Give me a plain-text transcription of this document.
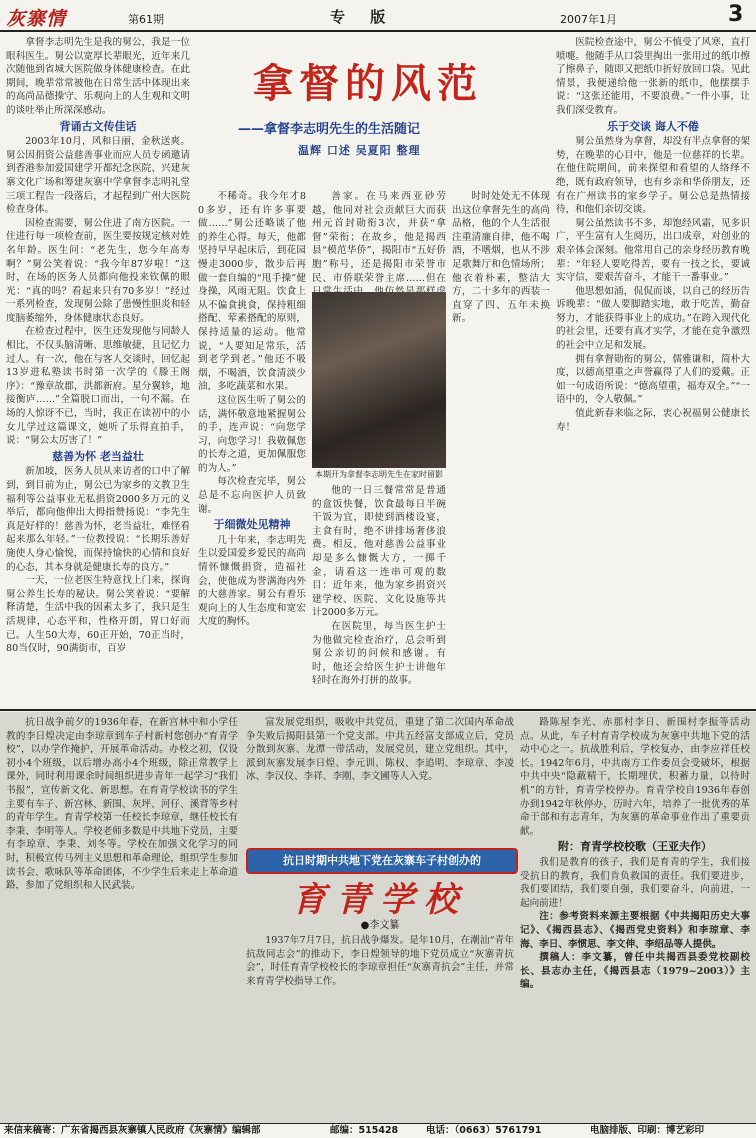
灰寨情	第61期	专 版	2007年1月	3
拿督的风范
——拿督李志明先生的生活随记
温辉 口述 吴夏阳 整理

拿督李志明先生是我的舅公，我是一位眼科医生。舅公以宽厚长辈眼光，近年来几次随他到省城大医院做身体健康检查。在此期间，晚辈常常被他在日常生活中体现出来的高尚品德操守、乐观向上的人生观和文明的谈吐举止所深深感动。

背诵古文传佳话

2003年10月，风和日丽，金秋送爽。舅公因捐资公益慈善事业而应人员专函邀请到香港参加爱国建学开都纪念医院、兴建灰寨文化广场和筹建灰寨中学拿督李志明礼堂三项工程告一段落后，才起程到广州大医院检查身体。

因检查需要，舅公住进了南方医院。一住进行每一项检查前，医生要按规定核对姓名年龄。医生问：“老先生，您今年高寿啊？”舅公笑着说：“我今年87岁啦！”这时，在场的医务人员都向他投来钦佩的眼光：“真的吗？看起来只有70多岁！”经过一系列检查，发现舅公除了患慢性胆炎和轻度脑萎缩外，身体健康状态良好。

在检查过程中，医生还发现他与同龄人相比，不仅头脑清晰、思维敏捷，且记忆力过人。有一次，他在与客人交谈时，回忆起13岁进私塾读书时第一次学的《滕王阁序》：“豫章故郡，洪都新府。星分翼轸，地接衡庐……”全篇脱口而出，一句不漏。在场的人惊讶不已，当时，我正在读初中的小女儿学过这篇课文，她听了乐得直拍手，说：“舅公太厉害了！”

慈善为怀 老当益壮

新加坡，医务人员从来访者的口中了解到，到目前为止，舅公已为家乡的文教卫生福利等公益事业无私捐资2000多万元的义举后，都向他伸出大拇指赞扬说：“李先生真是好样的！慈善为怀，老当益壮，难怪看起来那么年轻。”一位教授说：“长期乐善好施使人身心愉悦，而保持愉快的心情和良好的心态，其本身就是健康长寿的良方。”

一天，一位老医生特意找上门来，探询舅公养生长寿的秘诀。舅公笑着说：“要解释清楚，生活中我的因素太多了，我只是生活规律，心态平和，性格开朗，胃口好而已。人生50大寿，60正开始，70正当时，80当仅时，90满街市，百岁

不稀奇。我今年才80多岁，还有许多事要做……”舅公还略谈了他的养生心得。每天，他都坚持早早起床后，到花园慢走3000步，散步后再做一套自编的“甩手操”健身操，风雨无阻。饮食上从不偏食挑食，保持粗细搭配、荤素搭配的原则，保持适量的运动。他常说，“人要知足常乐，活到老学到老。”他还不吸烟，不喝酒，饮食清淡少油，多吃蔬菜和水果。

这位医生听了舅公的话，满怀敬意地紧握舅公的手，连声说：“向您学习，向您学习！我敬佩您的长寿之道，更加佩服您的为人。”

每次检查完毕，舅公总是不忘向医护人员致谢。

于细微处见精神

几十年来，李志明先生以爱国爱乡爱民的高尚情怀慷慨捐资，造福社会，使他成为誉满海内外的大慈善家。舅公有着乐观向上的人生态度和宽宏大度的胸怀。

善家。在马来西亚砂劳越，他同对社会贡献巨大而获州元首封勋衔3次，并获“拿督”荣衔；在故乡，他是揭西县“模范华侨”，揭阳市“五好侨胞”称号，还是揭阳市荣誉市民、市侨联荣誉主席……但在

本期开为拿督李志明先生在家时留影

他的一日三餐常常是普通的盒饭快餐，饮食最每日半碗干饭为宜，即使到酒楼设宴，主食有时，绝不讲排场奢侈浪费。相反，他对慈善公益事业却是多么慷慨大方，一掷千金，请看这一连串可观的数目：近年来，他为家乡捐资兴建学校、医院、文化设施等共计2000多万元。

在医院里，每当医生护士为他做完检查治疗，总会听到舅公亲切的问候和感谢。有时，他还会给医生护士讲他年轻时在海外打拼的故事。

时时处处无不体现出这位拿督先生的高尚品格，他的个人生活很注重清廉自律，他不喝酒，不嗜烟，也从不涉足歌舞厅和色情场所；他衣着朴素，整洁大方，二十多年的西装一直穿了四、五年未换新。

医院检查途中，舅公不慎受了风寒，直打喷嚏。他随手从口袋里掏出一张用过的纸巾擦了擦鼻子，随即又把纸巾折好放回口袋。见此情景，我便递给他一张新的纸巾，他摆摆手说：“这张还能用，不要浪费。”一件小事，让我们深受教育。

乐于交谈 诲人不倦

舅公虽然身为拿督，却没有半点拿督的架势，在晚辈的心目中，他是一位慈祥的长辈。在他住院期间，前来探望和看望的人络绎不绝，既有政府领导，也有乡亲和华侨朋友，还有在广州读书的家乡学子。舅公总是热情接待，和他们亲切交谈。

舅公虽然读书不多，却饱经风霜，见多识广，平生富有人生阅历，出口成章，对创业的艰辛体会深刻。他常用自己的亲身经历教育晚辈：“年轻人要吃得苦，要有一技之长，要诚实守信，要艰苦奋斗，才能干一番事业。”

他思想如涌，侃侃而谈，以自己的经历告诉晚辈：“做人要脚踏实地，敢于吃苦，勤奋努力，才能获得事业上的成功。”在跨入现代化的社会里，还要有真才实学，才能在竞争激烈的社会中立足和发展。

拥有拿督勋衔的舅公，儒雅谦和，简朴大度，以德高望重之声誉赢得了人们的爱戴。正如一句成语所说：“德高望重，福寿双全。”“一语中的，令人敬佩。”

值此新春来临之际，衷心祝福舅公健康长寿！

抗日战争前夕的1936年春，在新宫林中和小学任教的李日煌决定由李琼章到车子村新村您创办“育青学校”，以办学作掩护，开展革命活动。办校之初，仅设初小4个班级，以后增办高小4个班级，除正常教学上课外，同时利用课余时间组织进步青年一起学习“我们书报”，宣传新文化、新思想。在育青学校读书的学生主要有车子、新宫林、新围、灰坪、河仔、溪背等乡村的青年学生。育青学校第一任校长李琼章，继任校长有李秉、李明等人。学校老师多数是中共地下党员，主要有李琼章、李秉、刘冬等。学校在加强文化学习的同时，积极宣传马列主义思想和革命理论，组织学生参加读书会、歌咏队等革命团体，不少学生后来走上革命道路，参加了党组织和人民武装。

富发展党组织，吸收中共党员，重建了第二次国内革命战争失败后揭阳县第一个党支部。中共五经富支部成立后，党员分散到灰寨、龙潭一带活动，发展党员，建立党组织。其中，派到灰寨发展李日煌、李元训、陈权、李追明、李琼章、李凌冰、李汉仪、李祥、李刚、李文圃等人入党。

抗日时期中共地下党在灰寨车子村创办的
育青学校
●李文纂

1937年7月7日，抗日战争爆发。是年10月，在潮汕“青年抗敌同志会”的推动下，李日煌领导的地下党员成立“灰寨青抗会”，时任育青学校校长的李琼章担任“灰寨青抗会”主任，并常来育青学校指导工作。

路陈屋李光、赤那村李日、新围村李振等活动点。从此，车子村育青学校成为灰寨中共地下党的活动中心之一。抗战胜利后，学校复办，由李应祥任校长。1942年6月，中共南方工作委员会受破坏，根据中共中央“隐蔽精干，长期埋伏，积蓄力量，以待时机”的方针，育青学校停办。育青学校自1936年春创办到1942年秋停办，历时六年，培养了一批优秀的革命干部和有志青年，为灰寨的革命事业作出了重要贡献。

附：育青学校校歌（王亚夫作）

我们是教育的孩子，我们是育青的学生，我们接受抗日的教育，我们肯负救国的责任。我们要进步，我们要团结，我们要自强，我们要奋斗，向前进，一起向前进！

注：参考资料来源主要根据《中共揭阳历史大事记》、《揭西县志》、《揭西党史资料》和李琼章、李海、李日、李惯思、李文伸、李绍品等人提供。

撰稿人：李文纂，曾任中共揭西县委党校副校长、县志办主任，《揭西县志（1979~2003）》主编。

来信来稿寄：广东省揭西县灰寨镇人民政府《灰寨情》编辑部	邮编：515428	电话：（0663）5761791	电脑排版、印刷：博艺彩印
